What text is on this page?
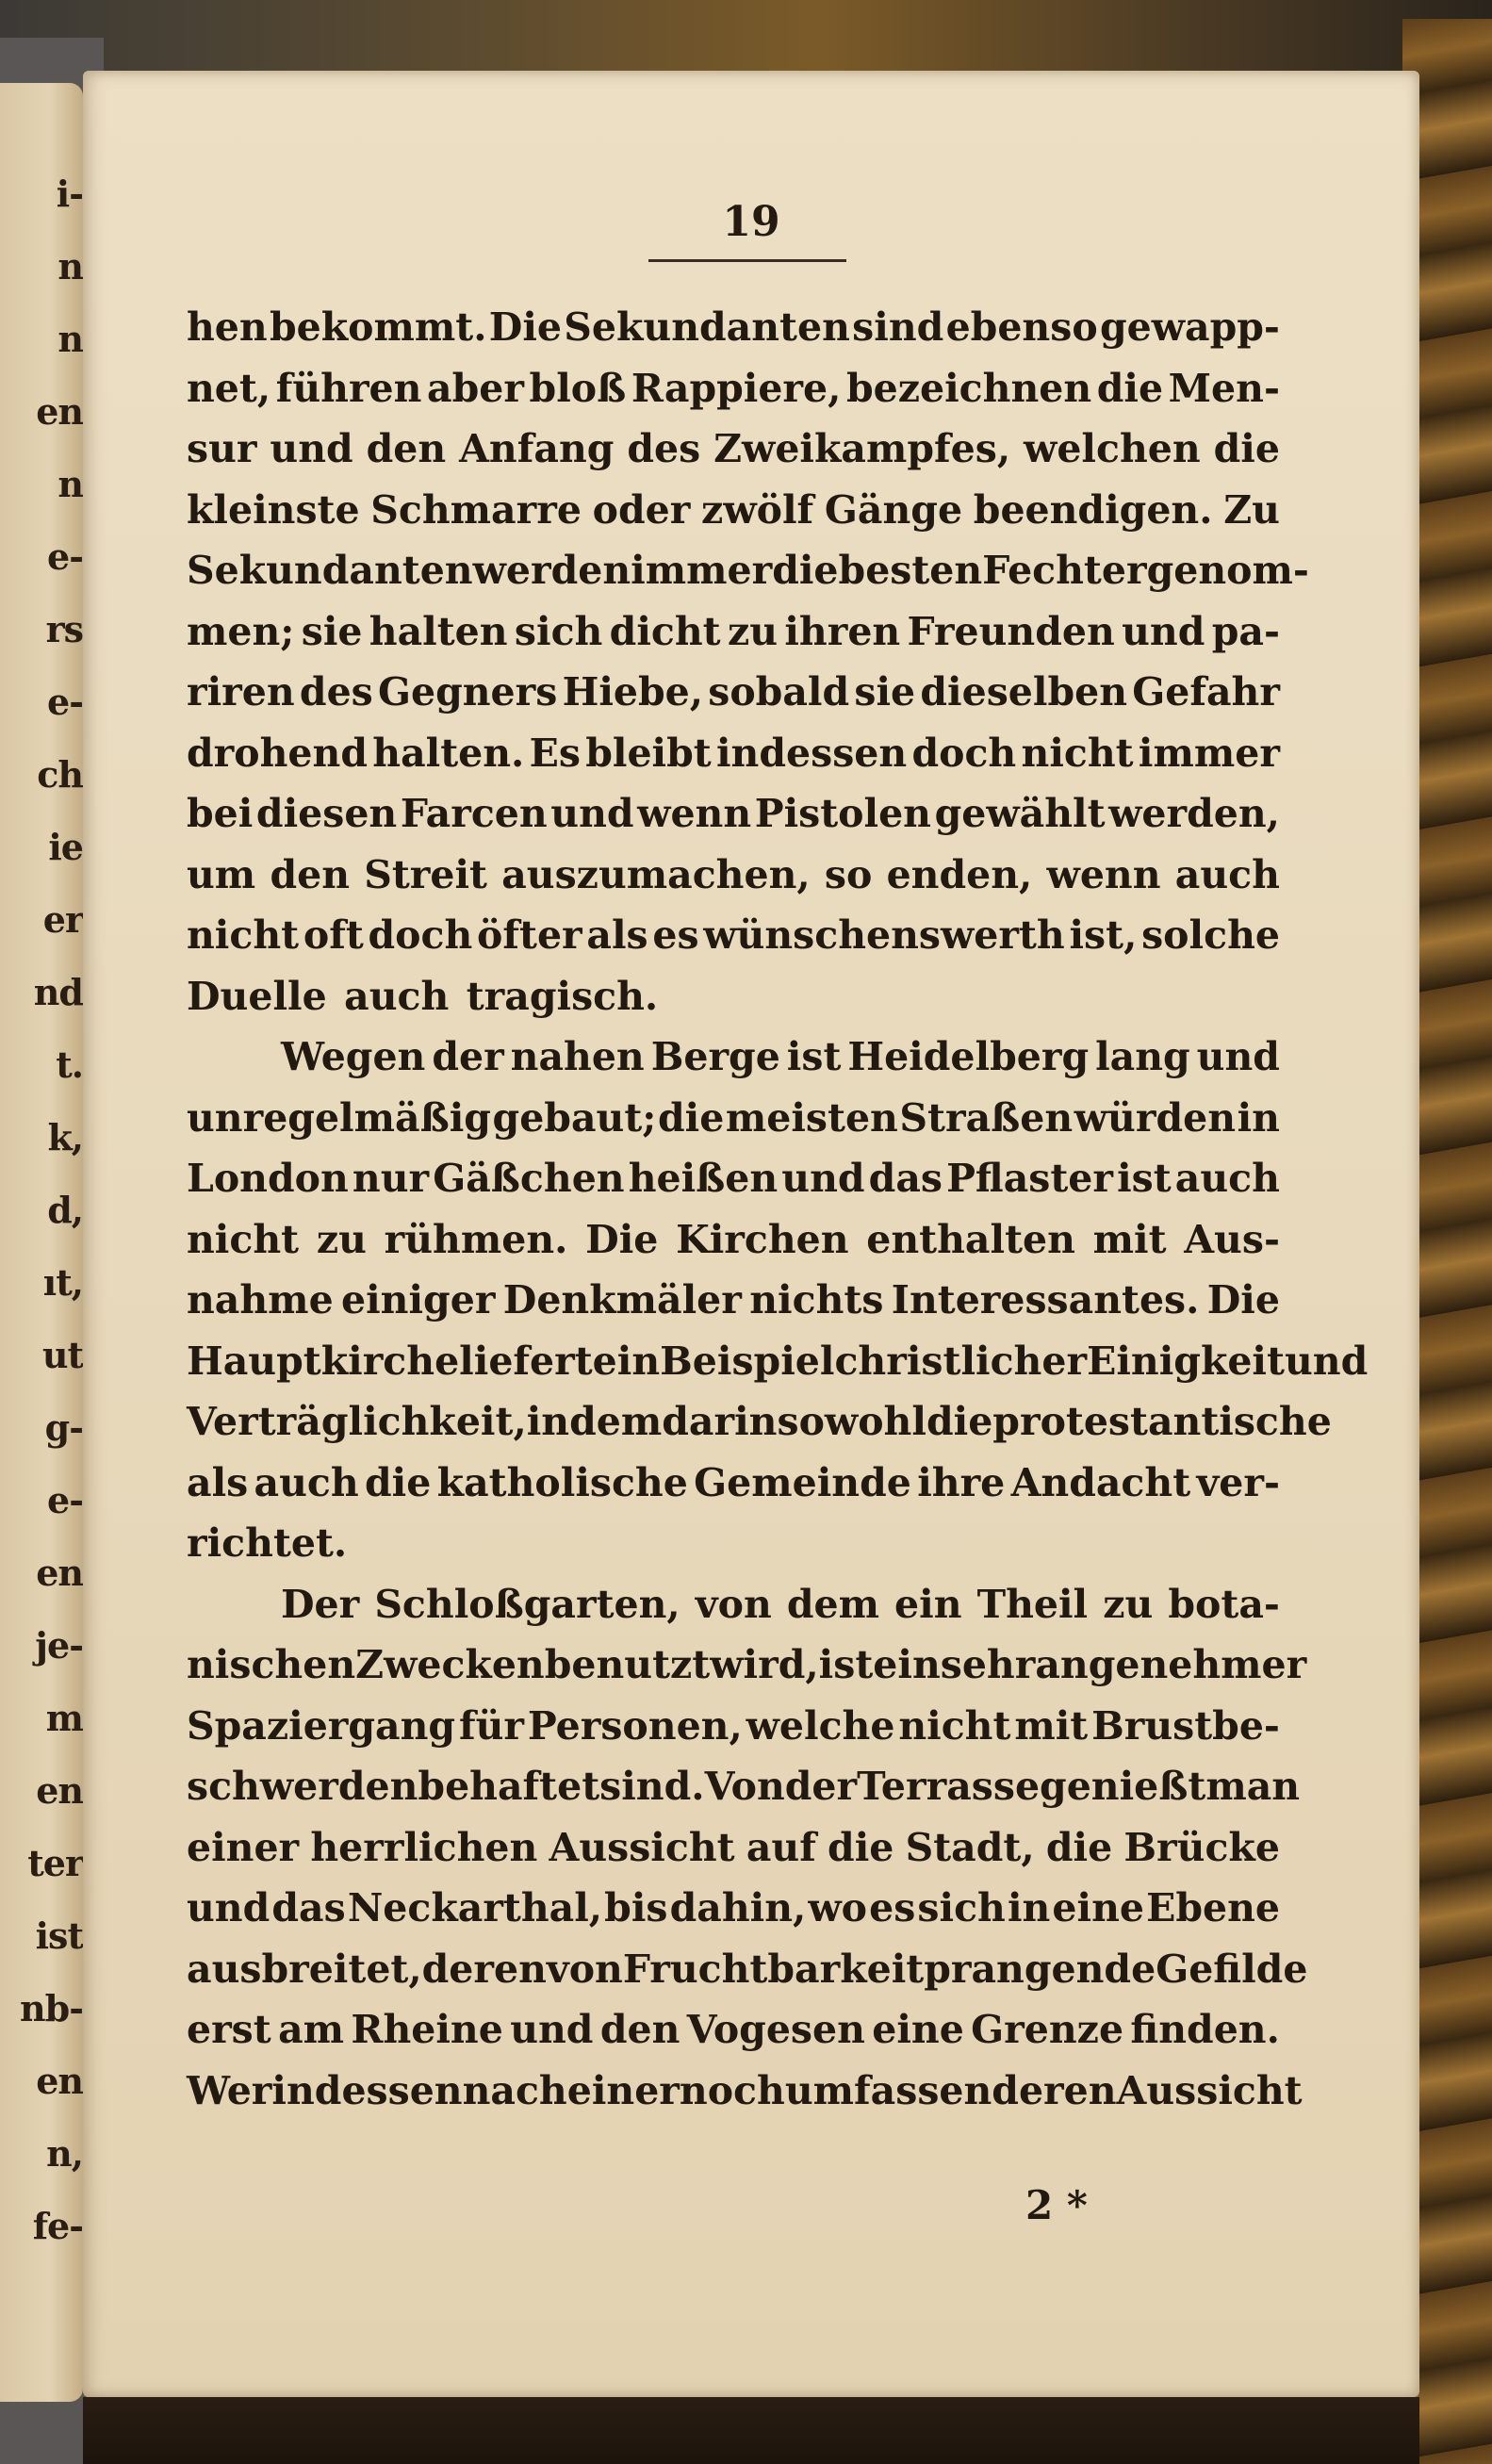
i-
n
n
en
n
e-
rs
e-
ch
ie
er
nd
t.
k,
d,
ıt,
ut
g-
e-
en
je-
m
en
ter
ist
nb-
en
n,
fe-
19
hen bekommt. Die Sekundanten sind ebenso gewapp-
net, führen aber bloß Rappiere, bezeichnen die Men-
sur und den Anfang des Zweikampfes, welchen die
kleinste Schmarre oder zwölf Gänge beendigen. Zu
Sekundanten werden immer die besten Fechter genom-
men; sie halten sich dicht zu ihren Freunden und pa-
riren des Gegners Hiebe, sobald sie dieselben Gefahr
drohend halten. Es bleibt indessen doch nicht immer
bei diesen Farcen und wenn Pistolen gewählt werden,
um den Streit auszumachen, so enden, wenn auch
nicht oft doch öfter als es wünschenswerth ist, solche
Duelle auch tragisch.
Wegen der nahen Berge ist Heidelberg lang und
unregelmäßig gebaut; die meisten Straßen würden in
London nur Gäßchen heißen und das Pflaster ist auch
nicht zu rühmen. Die Kirchen enthalten mit Aus-
nahme einiger Denkmäler nichts Interessantes. Die
Hauptkirche liefert ein Beispiel christlicher Einigkeit und
Verträglichkeit, indem darin sowohl die protestantische
als auch die katholische Gemeinde ihre Andacht ver-
richtet.
Der Schloßgarten, von dem ein Theil zu bota-
nischen Zwecken benutzt wird, ist ein sehr angenehmer
Spaziergang für Personen, welche nicht mit Brustbe-
schwerden behaftet sind. Von der Terrasse genießt man
einer herrlichen Aussicht auf die Stadt, die Brücke
und das Neckarthal, bis dahin, wo es sich in eine Ebene
ausbreitet, deren von Fruchtbarkeit prangende Gefilde
erst am Rheine und den Vogesen eine Grenze finden.
Wer indessen nach einer noch umfassenderen Aussicht
2 *
